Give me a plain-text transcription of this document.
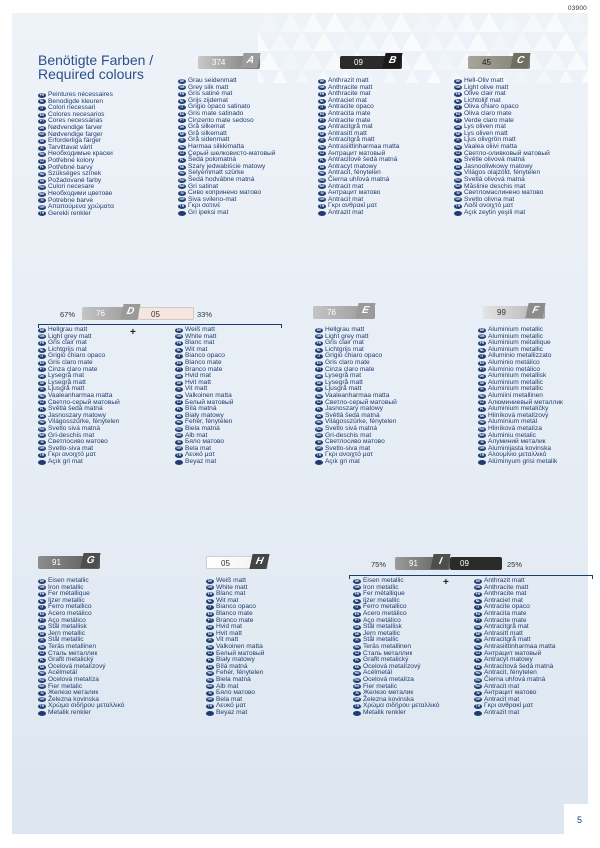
03900
Benötigte Farben /
Required colours
FR Peintures nécessaires
NL Benodigde kleuren
IT Colori necessari
ES Colores necesarios
PT Cores necessárias
DK Nødvendige farver
NO Nødvendige farger
SE Erforderliga färger
FI Tarvittavat värit
RU Необходимые краски
CZ Potřebné kolory
PL Potřebné barvy
HU Szükséges színek
SK Požadované farby
RO Culori necesare
BG Необходими цветове
SI Potrebne barve
GR Απαιτούμενα χρώματα
TR Gerekli renkler
374	A	09	B	45	C
67%	76	05
D	33%
+
76	E	99	F
91	G	05	H	75%	91	09
I	25%
+
DE Grau seidenmatt
GB Grey silk matt
FR Gris satiné mat
NL Grijs zijdemat
IT Grigio opaco satinato
ES Gris mate satinado
PT Cinzento mate sedoso
DK Grå silkemat
SE Grå silkematt
FI Grå sidenmatt
RU Harmaa silkkimatta
CZ Серый шелковисто-матовый
PL Šedá polomatná
SK Szary jedwabiście matowy
HU Selyemmatt szürke
RO Šedá hodvábne matná
BG Gri satinat
SI Сиво копринено матово
GR Siva svileno-mat
TR Γκρι σατινέ
Gri ipeksi mat
DE Anthrazit matt
GB Anthracite matt
FR Anthracite mat
NL Antraciet mat
IT Antracite opaco
ES Antracita mate
PT Antracite mate
DK Antracitgrå mat
SE Antrasitt matt
FI Antracitgrå matt
RU Antrasiittinharmaa matta
CZ Антрацит матовый
PL Antracitově šedá matná
SK Antracyt matowy
HU Antracit, fénytelen
RO Čierna uhľová matná
BG Antracit mat
SI Антрацит матово
GR Antracit mat
TR Γκρι ανθρακί ματ
Antrazit mat
DE Hell-Oliv matt
GB Light olive matt
FR Olive clair mat
NL Lichtolijf mat
IT Oliva chiaro opaco
ES Oliva claro mate
PT Verde claro mate
DK Lys oliven mat
SE Lys oliven matt
FI Ljus olivgrön matt
RU Vaalea oliivi matta
CZ Светло-оливковый матовый
PL Světle olivová matná
SK Jasnooliwkowy matowy
HU Világos olajzöld, fénytelen
RO Svetlá olivová matná
BG Măslinie deschis mat
SI Светломаслинено матово
GR Svetlo olivna mat
TR Λαδί ανοιχτό ματ
Açık zeytin yeşili mat
DE Hellgrau matt
GB Light grey matt
FR Gris clair mat
NL Lichtgrijs mat
IT Grigio chiaro opaco
ES Gris claro mate
PT Cinza claro mate
DK Lysegrå mat
SE Lysegrå matt
FI Ljusgrå matt
RU Vaaleanharmaa matta
CZ Светло-серый матовый
PL Světlá šedá matná
SK Jasnoszary matowy
HU Világosszürke, fénytelen
RO Svetlo sivá matná
BG Gri-deschis mat
SI Светлосиво матово
GR Svetlo-siva mat
TR Γκρι ανοιχτό ματ
Açık gri mat
DE Weiß matt
GB White matt
FR Blanc mat
NL Wit mat
IT Bianco opaco
ES Blanco mate
PT Branco mate
DK Hvid mat
SE Hvit matt
FI Vit matt
RU Valkoinen matta
CZ Белый матовый
PL Bílá matná
SK Biały matowy
HU Fehér, fénytelen
RO Biela matná
BG Alb mat
SI Бяло матово
GR Bela mat
TR Λευκό ματ
Beyaz mat
DE Hellgrau matt
GB Light grey matt
FR Gris clair mat
NL Lichtgrijs mat
IT Grigio chiaro opaco
ES Gris claro mate
PT Cinza claro mate
DK Lysegrå mat
SE Lysegrå matt
FI Ljusgrå matt
RU Vaaleanharmaa matta
CZ Светло-серый матовый
PL Jasnoszary matowy
SK Světlá šedá matná
HU Világosszürke, fénytelen
RO Svetlo sivá matná
BG Gri-deschis mat
SI Светлосиво матово
GR Svetlo-siva mat
TR Γκρι ανοιχτό ματ
Açık gri mat
DE Aluminium metallic
GB Aluminium metallic
FR Aluminium métallique
NL Aluminium metallic
IT Alluminio metallizzato
ES Aluminio metálico
PT Alumínio metálico
DK Aluminium metallisk
SE Aluminium metallic
FI Aluminium metallic
RU Alumiini metallinen
CZ Алюминиевый металлик
PL Aluminium metalíčky
SK Hliníková metalízový
HU Alumínium metál
RO Hliníková metalíza
BG Aluminiu metalic
SI Алуминий металик
GR Aluminijasta kovinska
TR Αλουμίνιο μεταλλικό
Alüminyum grisi metalik
DE Eisen metallic
GB Iron metallic
FR Fer métallique
NL Ijzer metallic
IT Ferro metallico
ES Acero metálico
PT Aço metálico
DK Stål metallisk
SE Jern metallic
FI Stål metallic
RU Teräs metallinen
CZ Сталь металлик
PL Grafit metalický
SK Ocelová metalízový
HU Acélmetál
RO Ocelová metalíza
BG Fier metalic
SI Железо металик
GR Železna kovinska
TR Χρώμα σιδήρου μεταλλικό
Metalik renkler
DE Weiß matt
GB White matt
FR Blanc mat
NL Wit mat
IT Bianco opaco
ES Blanco mate
PT Branco mate
DK Hvid mat
SE Hvit matt
FI Vit matt
RU Valkoinen matta
CZ Белый матовый
PL Biały matowy
SK Bílá matná
HU Fehér, fénytelen
RO Biela matná
BG Alb mat
SI Бяло матово
GR Bela mat
TR Λευκό ματ
Beyaz mat
DE Eisen metallic
GB Iron metallic
FR Fer métallique
NL Ijzer metallic
IT Ferro metallico
ES Acero metálico
PT Aço metálico
DK Stål metallisk
SE Jern metallic
FI Stål metallic
RU Teräs metallinen
CZ Сталь металлик
PL Grafit metalický
SK Ocelová metalízový
HU Acélmetál
RO Ocelová metalíza
BG Fier metalic
SI Железо металик
GR Železna kovinska
TR Χρώμα σιδήρου μεταλλικό
Metalik renkler
DE Anthrazit matt
GB Anthracite matt
FR Anthracite mat
NL Antraciet mat
IT Antracite opaco
ES Antracita mate
PT Antracite mate
DK Antracitgrå mat
SE Antrasitt matt
FI Antracitgrå matt
RU Antrasiittinharmaa matta
CZ Антрацит матовый
PL Antracyt matowy
SK Antracitová šedá matná
HU Antracit, fénytelen
RO Čierna uhľová matná
BG Antracit mat
SI Антрацит матово
GR Antracit mat
TR Γκρι ανθρακί ματ
Antrazit mat
5
